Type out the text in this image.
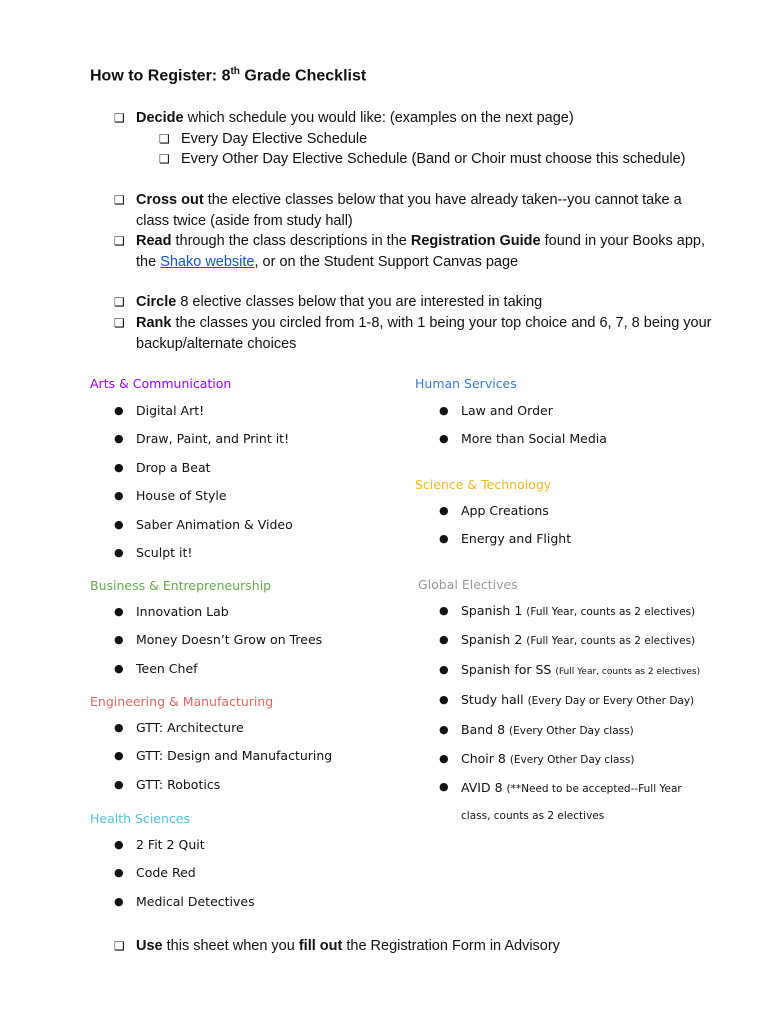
How to Register: 8th Grade Checklist
❑ Decide which schedule you would like: (examples on the next page)
❑ Every Day Elective Schedule
❑ Every Other Day Elective Schedule (Band or Choir must choose this schedule)
❑ Cross out the elective classes below that you have already taken--you cannot take a class twice (aside from study hall)
❑ Read through the class descriptions in the Registration Guide found in your Books app, the Shako website, or on the Student Support Canvas page
❑ Circle 8 elective classes below that you are interested in taking
❑ Rank the classes you circled from 1-8, with 1 being your top choice and 6, 7, 8 being your backup/alternate choices
Arts & Communication
● Digital Art!
● Draw, Paint, and Print it!
● Drop a Beat
● House of Style
● Saber Animation & Video
● Sculpt it!
Business & Entrepreneurship
● Innovation Lab
● Money Doesn’t Grow on Trees
● Teen Chef
Engineering & Manufacturing
● GTT: Architecture
● GTT: Design and Manufacturing
● GTT: Robotics
Health Sciences
● 2 Fit 2 Quit
● Code Red
● Medical Detectives
Human Services
● Law and Order
● More than Social Media
Science & Technology
● App Creations
● Energy and Flight
Global Electives
● Spanish 1 (Full Year, counts as 2 electives)
● Spanish 2 (Full Year, counts as 2 electives)
● Spanish for SS (Full Year, counts as 2 electives)
● Study hall (Every Day or Every Other Day)
● Band 8 (Every Other Day class)
● Choir 8 (Every Other Day class)
● AVID 8 (**Need to be accepted--Full Year
class, counts as 2 electives
❑ Use this sheet when you fill out the Registration Form in Advisory
